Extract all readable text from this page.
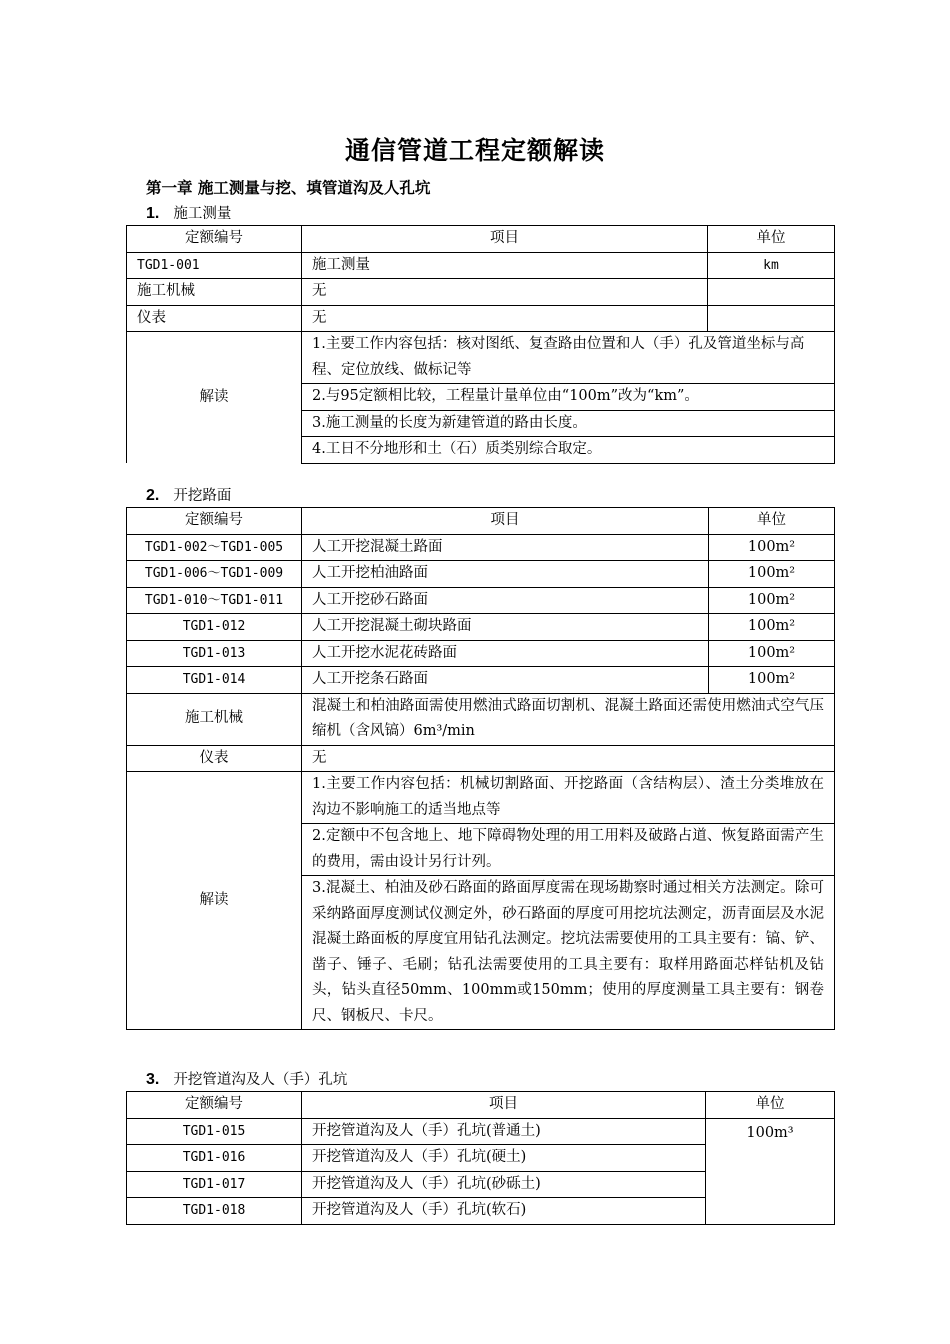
通信管道工程定额解读
第一章 施工测量与挖、填管道沟及人孔坑
1. 施工测量
定额编号	项目	单位
TGD1-001	施工测量	km
施工机械	无	
仪表	无	
解读	1.主要工作内容包括：核对图纸、复查路由位置和人（手）孔及管道坐标与高程、定位放线、做标记等	
	2.与95定额相比较，工程量计量单位由“100m”改为“km”。	
	3.施工测量的长度为新建管道的路由长度。	
	4.工日不分地形和土（石）质类别综合取定。	
2. 开挖路面
定额编号	项目	单位
TGD1-002～TGD1-005	人工开挖混凝土路面	100m²
TGD1-006～TGD1-009	人工开挖柏油路面	100m²
TGD1-010～TGD1-011	人工开挖砂石路面	100m²
TGD1-012	人工开挖混凝土砌块路面	100m²
TGD1-013	人工开挖水泥花砖路面	100m²
TGD1-014	人工开挖条石路面	100m²
施工机械	混凝土和柏油路面需使用燃油式路面切割机、混凝土路面还需使用燃油式空气压缩机（含风镐）6m³/min	
仪表	无	
解读	1.主要工作内容包括：机械切割路面、开挖路面（含结构层）、渣土分类堆放在沟边不影响施工的适当地点等	
	2.定额中不包含地上、地下障碍物处理的用工用料及破路占道、恢复路面需产生的费用，需由设计另行计列。	
	3.混凝土、柏油及砂石路面的路面厚度需在现场勘察时通过相关方法测定。除可采纳路面厚度测试仪测定外，砂石路面的厚度可用挖坑法测定，沥青面层及水泥混凝土路面板的厚度宜用钻孔法测定。挖坑法需要使用的工具主要有：镐、铲、凿子、锤子、毛刷；钻孔法需要使用的工具主要有：取样用路面芯样钻机及钻头，钻头直径50mm、100mm或150mm；使用的厚度测量工具主要有：钢卷尺、钢板尺、卡尺。	
3. 开挖管道沟及人（手）孔坑
定额编号	项目	单位
TGD1-015	开挖管道沟及人（手）孔坑(普通土)	100m³
TGD1-016	开挖管道沟及人（手）孔坑(硬土)	
TGD1-017	开挖管道沟及人（手）孔坑(砂砾土)	
TGD1-018	开挖管道沟及人（手）孔坑(软石)	
